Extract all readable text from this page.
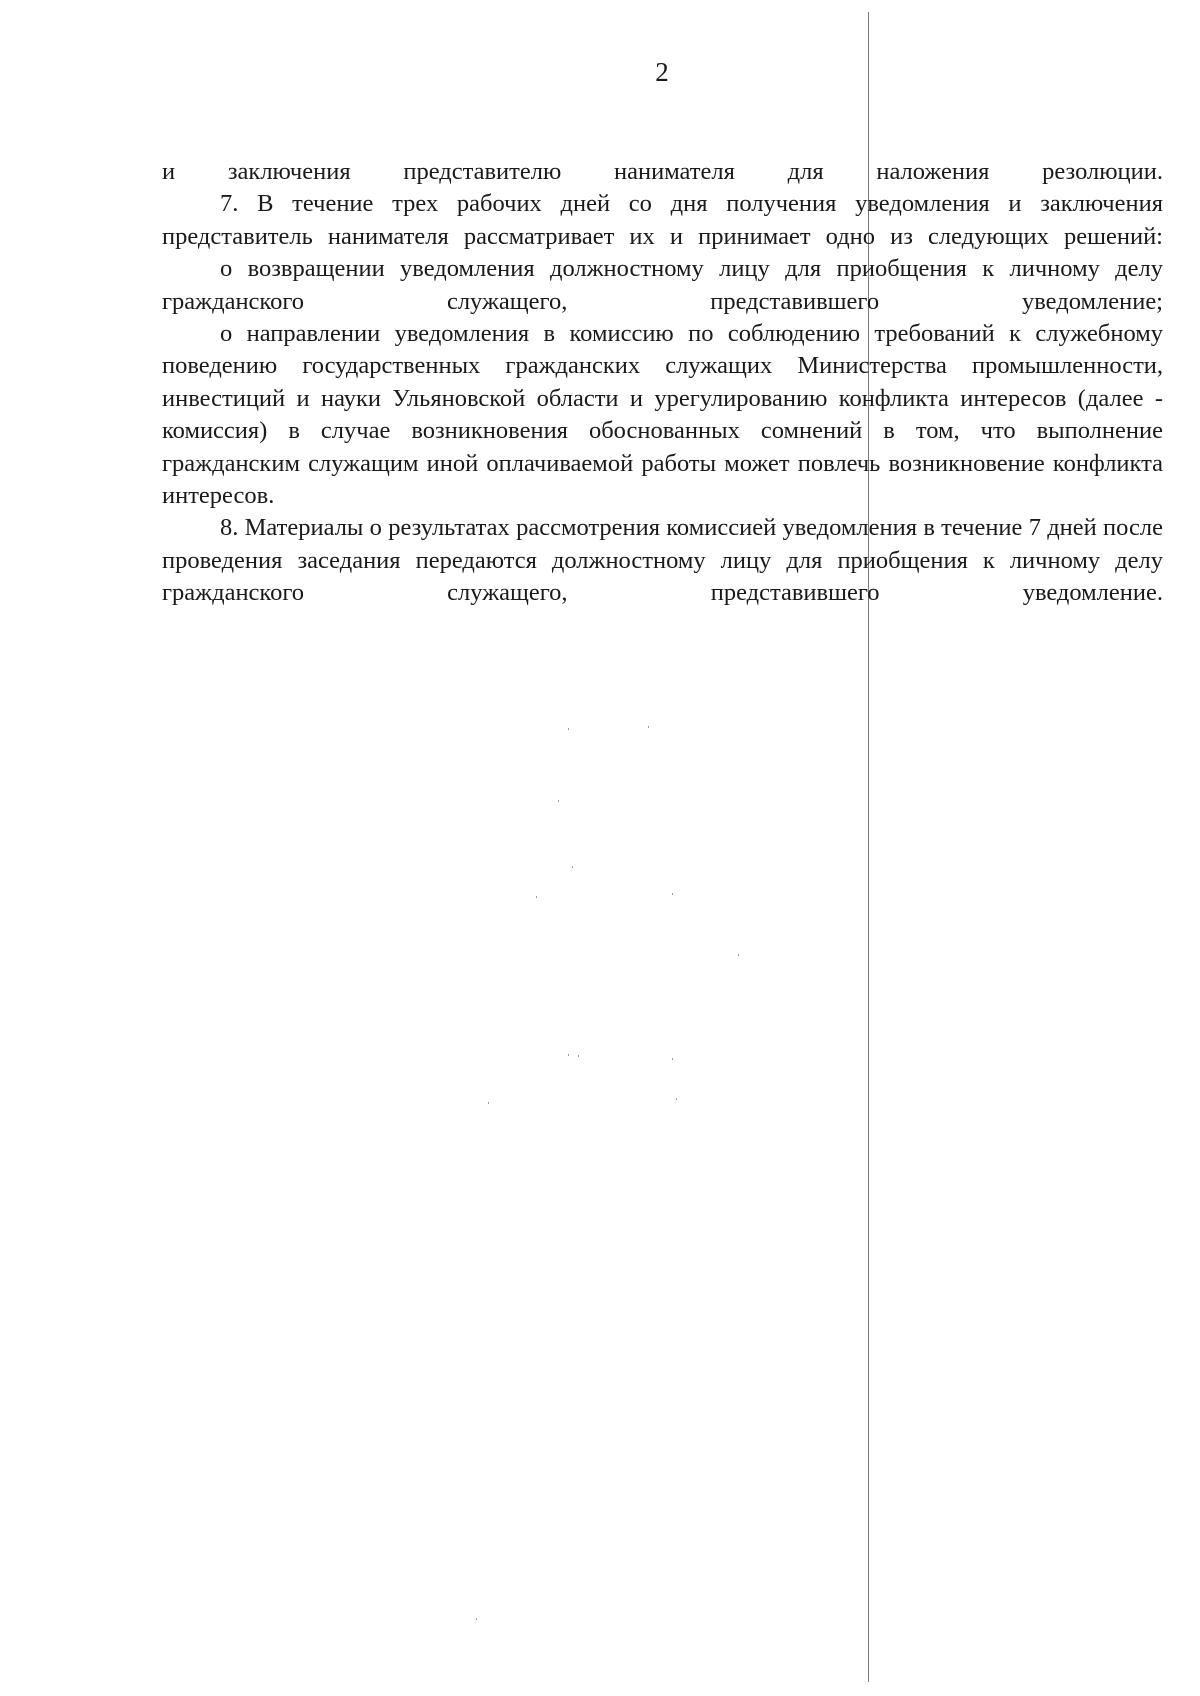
2

и заключения представителю нанимателя для наложения резолюции.

7. В течение трех рабочих дней со дня получения уведомления и заключения представитель нанимателя рассматривает их и принимает одно из следующих решений:

о возвращении уведомления должностному лицу для приобщения к личному делу гражданского служащего, представившего уведомление;

о направлении уведомления в комиссию по соблюдению требований к служебному поведению государственных гражданских служащих Министерства промышленности, инвестиций и науки Ульяновской области и урегулированию конфликта интересов (далее - комиссия) в случае возникновения обоснованных сомнений в том, что выполнение гражданским служащим иной оплачиваемой работы может повлечь возникновение конфликта интересов.

8. Материалы о результатах рассмотрения комиссией уведомления в течение 7 дней после проведения заседания передаются должностному лицу для приобщения к личному делу гражданского служащего, представившего	уведомление.
